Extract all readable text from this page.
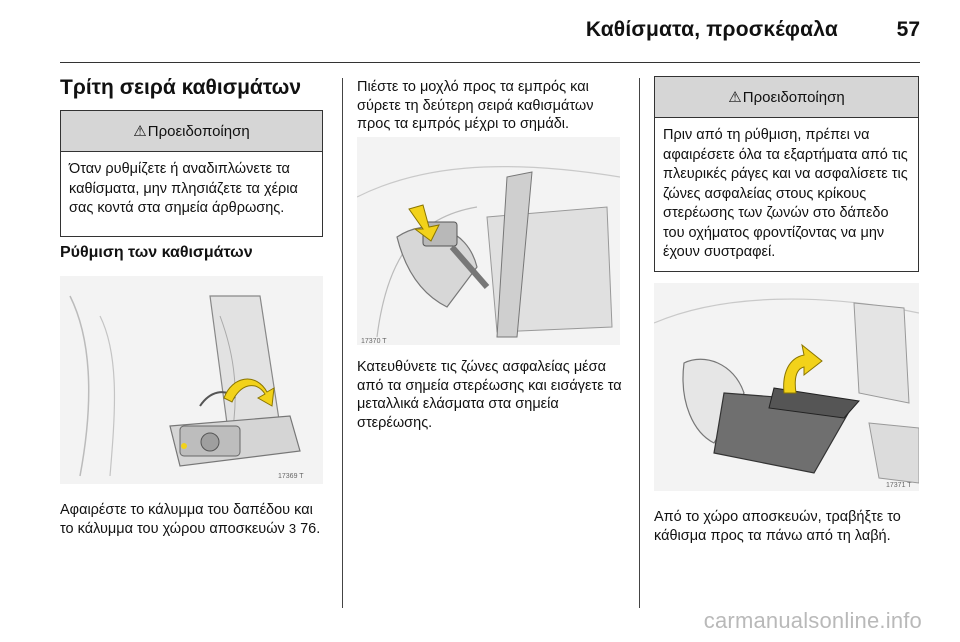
Καθίσματα, προσκέφαλα	57
Τρίτη σειρά καθισμάτων
⚠ Προειδοποίηση
Όταν ρυθμίζετε ή αναδιπλώνετε τα καθίσματα, μην πλησιάζετε τα χέρια σας κοντά στα σημεία άρθρωσης.
Ρύθμιση των καθισμάτων
17369 T
Αφαιρέστε το κάλυμμα του δαπέδου και το κάλυμμα του χώρου αποσκευών 3 76.
Πιέστε το μοχλό προς τα εμπρός και σύρετε τη δεύτερη σειρά καθισμάτων προς τα εμπρός μέχρι το σημάδι.
17370 T
Κατευθύνετε τις ζώνες ασφαλείας μέσα από τα σημεία στερέωσης και εισάγετε τα μεταλλικά ελάσματα στα σημεία στερέωσης.
⚠ Προειδοποίηση
Πριν από τη ρύθμιση, πρέπει να αφαιρέσετε όλα τα εξαρτήματα από τις πλευρικές ράγες και να ασφαλίσετε τις ζώνες ασφαλείας στους κρίκους στερέωσης των ζωνών στο δάπεδο του οχήματος φροντίζοντας να μην έχουν συστραφεί.
17371 T
Από το χώρο αποσκευών, τραβήξτε το κάθισμα προς τα πάνω από τη λαβή.
carmanualsonline.info
